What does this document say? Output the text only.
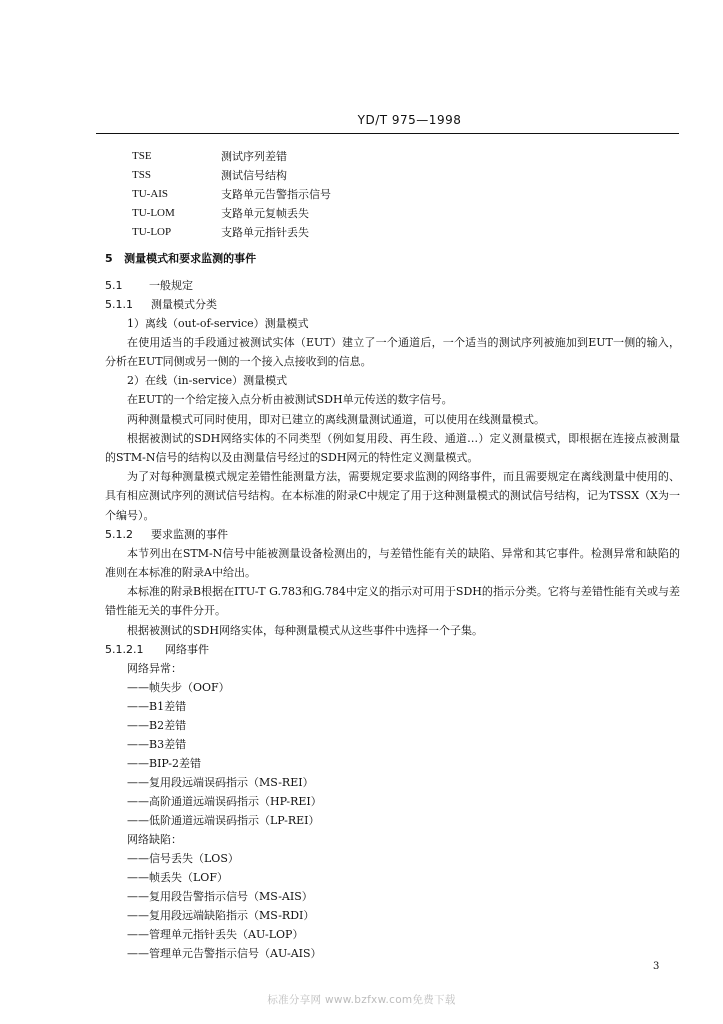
YD/T 975—1998
TSE	测试序列差错
TSS	测试信号结构
TU-AIS	支路单元告警指示信号
TU-LOM	支路单元复帧丢失
TU-LOP	支路单元指针丢失
5 测量模式和要求监测的事件
5.1 一般规定
5.1.1 测量模式分类
1）离线（out-of-service）测量模式

在使用适当的手段通过被测试实体（EUT）建立了一个通道后，一个适当的测试序列被施加到EUT一侧的输入，分析在EUT同侧或另一侧的一个接入点接收到的信息。

2）在线（in-service）测量模式

在EUT的一个给定接入点分析由被测试SDH单元传送的数字信号。

两种测量模式可同时使用，即对已建立的离线测量测试通道，可以使用在线测量模式。

根据被测试的SDH网络实体的不同类型（例如复用段、再生段、通道…）定义测量模式，即根据在连接点被测量的STM-N信号的结构以及由测量信号经过的SDH网元的特性定义测量模式。

为了对每种测量模式规定差错性能测量方法，需要规定要求监测的网络事件，而且需要规定在离线测量中使用的、具有相应测试序列的测试信号结构。在本标准的附录C中规定了用于这种测量模式的测试信号结构，记为TSSX（X为一个编号）。

5.1.2 要求监测的事件

本节列出在STM-N信号中能被测量设备检测出的，与差错性能有关的缺陷、异常和其它事件。检测异常和缺陷的准则在本标准的附录A中给出。

本标准的附录B根据在ITU-T G.783和G.784中定义的指示对可用于SDH的指示分类。它将与差错性能有关或与差错性能无关的事件分开。

根据被测试的SDH网络实体，每种测量模式从这些事件中选择一个子集。

5.1.2.1 网络事件
网络异常：
——帧失步（OOF）
——B1差错
——B2差错
——B3差错
——BIP-2差错
——复用段远端误码指示（MS-REI）
——高阶通道远端误码指示（HP-REI）
——低阶通道远端误码指示（LP-REI）
网络缺陷：
——信号丢失（LOS）
——帧丢失（LOF）
——复用段告警指示信号（MS-AIS）
——复用段远端缺陷指示（MS-RDI）
——管理单元指针丢失（AU-LOP）
——管理单元告警指示信号（AU-AIS）
3
标准分享网 www.bzfxw.com免费下载
